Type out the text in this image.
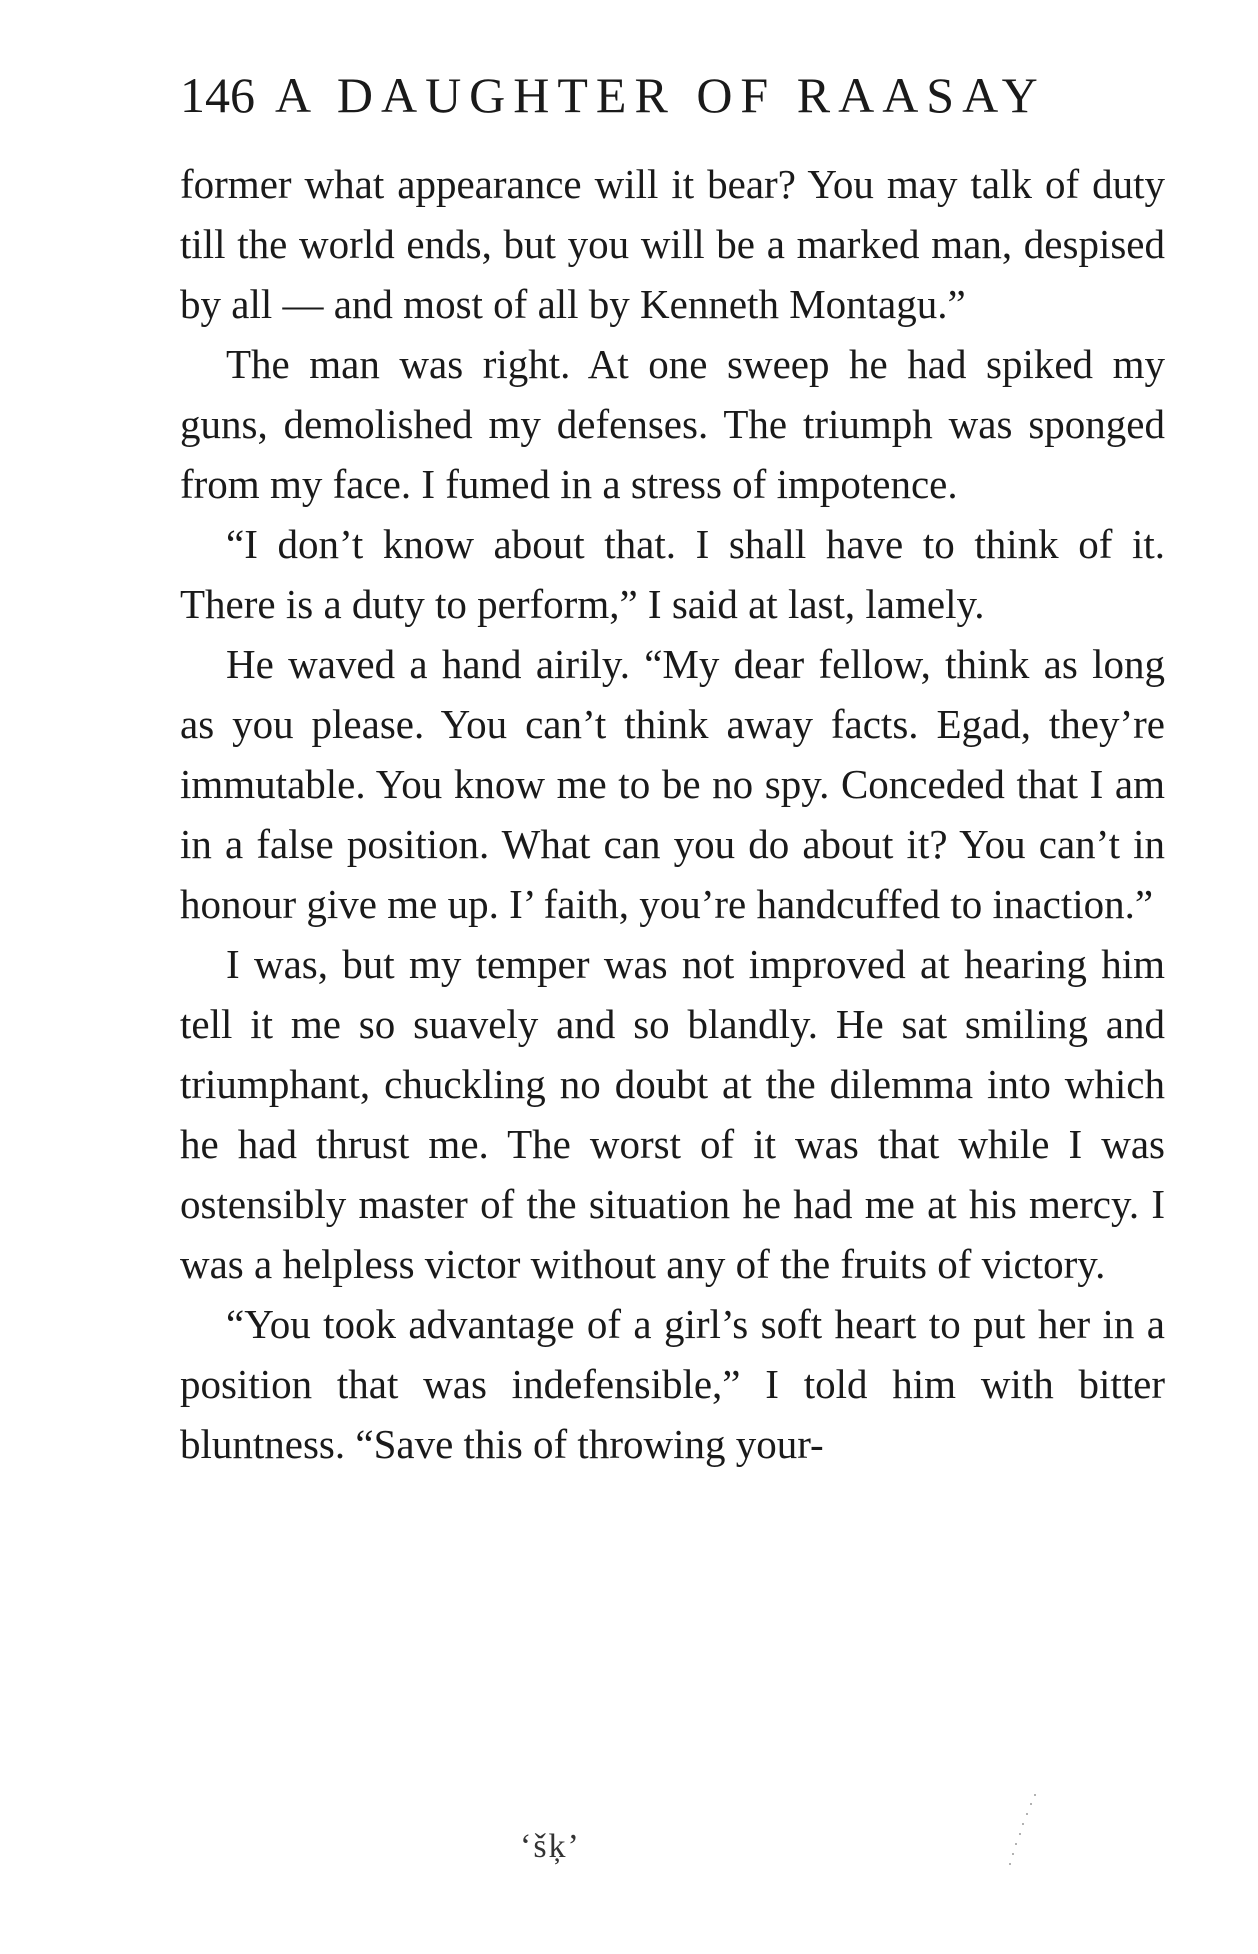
146 A DAUGHTER OF RAASAY

former what appearance will it bear? You may talk of duty till the world ends, but you will be a marked man, despised by all — and most of all by Kenneth Montagu.”

The man was right. At one sweep he had spiked my guns, demolished my defenses. The triumph was sponged from my face. I fumed in a stress of impotence.

“I don’t know about that. I shall have to think of it. There is a duty to perform,” I said at last, lamely.

He waved a hand airily. “My dear fellow, think as long as you please. You can’t think away facts. Egad, they’re immutable. You know me to be no spy. Conceded that I am in a false position. What can you do about it? You can’t in honour give me up. I’ faith, you’re handcuffed to inaction.”

I was, but my temper was not improved at hearing him tell it me so suavely and so blandly. He sat smiling and triumphant, chuckling no doubt at the dilemma into which he had thrust me. The worst of it was that while I was ostensibly master of the situation he had me at his mercy. I was a helpless victor without any of the fruits of victory.

“You took advantage of a girl’s soft heart to put her in a position that was indefensible,” I told him with bitter bluntness. “Save this of throwing your-

‘šķ’
